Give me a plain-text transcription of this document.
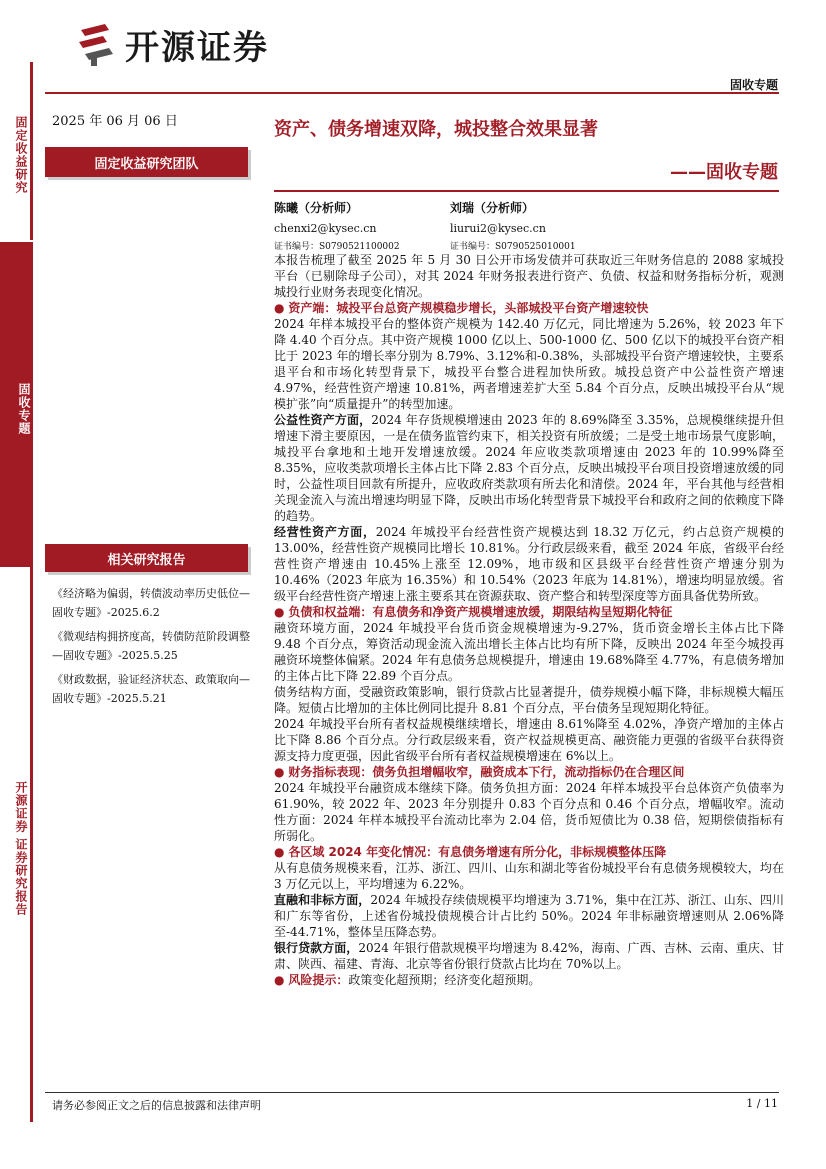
固定收益研究
固收专题
开源证券 证券研究报告
开源证券
固收专题
2025 年 06 月 06 日	资产、债务增速双降，城投整合效果显著
——固收专题
固定收益研究团队
陈曦（分析师）
chenxi2@kysec.cn
证书编号：S0790521100002
刘瑞（分析师）
liurui2@kysec.cn
证书编号：S0790525010001
相关研究报告

《经济略为偏弱，转债波动率历史低位—固收专题》-2025.6.2

《微观结构拥挤度高，转债防范阶段调整—固收专题》-2025.5.25

《财政数据，验证经济状态、政策取向—固收专题》-2025.5.21

本报告梳理了截至 2025 年 5 月 30 日公开市场发债并可获取近三年财务信息的 2088 家城投平台（已剔除母子公司），对其 2024 年财务报表进行资产、负债、权益和财务指标分析，观测城投行业财务表现变化情况。

● 资产端：城投平台总资产规模稳步增长，头部城投平台资产增速较快

2024 年样本城投平台的整体资产规模为 142.40 万亿元，同比增速为 5.26%，较 2023 年下降 4.40 个百分点。其中资产规模 1000 亿以上、500-1000 亿、500 亿以下的城投平台资产相比于 2023 年的增长率分别为 8.79%、3.12%和-0.38%，头部城投平台资产增速较快，主要系退平台和市场化转型背景下，城投平台整合进程加快所致。城投总资产中公益性资产增速 4.97%，经营性资产增速 10.81%，两者增速差扩大至 5.84 个百分点，反映出城投平台从“规模扩张”向“质量提升”的转型加速。

公益性资产方面，2024 年存货规模增速由 2023 年的 8.69%降至 3.35%，总规模继续提升但增速下滑主要原因，一是在债务监管约束下，相关投资有所放缓；二是受土地市场景气度影响，城投平台拿地和土地开发增速放缓。2024 年应收类款项增速由 2023 年的 10.99%降至 8.35%，应收类款项增长主体占比下降 2.83 个百分点，反映出城投平台项目投资增速放缓的同时，公益性项目回款有所提升，应收政府类款项有所去化和清偿。2024 年，平台其他与经营相关现金流入与流出增速均明显下降，反映出市场化转型背景下城投平台和政府之间的依赖度下降的趋势。

经营性资产方面，2024 年城投平台经营性资产规模达到 18.32 万亿元，约占总资产规模的 13.00%，经营性资产规模同比增长 10.81%。分行政层级来看，截至 2024 年底，省级平台经营性资产增速由 10.45%上涨至 12.09%，地市级和区县级平台经营性资产增速分别为 10.46%（2023 年底为 16.35%）和 10.54%（2023 年底为 14.81%），增速均明显放缓。省级平台经营性资产增速上涨主要系其在资源获取、资产整合和转型深度等方面具备优势所致。

● 负债和权益端：有息债务和净资产规模增速放缓，期限结构呈短期化特征

融资环境方面，2024 年城投平台货币资金规模增速为-9.27%，货币资金增长主体占比下降 9.48 个百分点，筹资活动现金流入流出增长主体占比均有所下降，反映出 2024 年至今城投再融资环境整体偏紧。2024 年有息债务总规模提升，增速由 19.68%降至 4.77%，有息债务增加的主体占比下降 22.89 个百分点。

债务结构方面，受融资政策影响，银行贷款占比显著提升，债券规模小幅下降，非标规模大幅压降。短债占比增加的主体比例同比提升 8.81 个百分点，平台债务呈现短期化特征。

2024 年城投平台所有者权益规模继续增长，增速由 8.61%降至 4.02%，净资产增加的主体占比下降 8.86 个百分点。分行政层级来看，资产权益规模更高、融资能力更强的省级平台获得资源支持力度更强，因此省级平台所有者权益规模增速在 6%以上。

● 财务指标表现：债务负担增幅收窄，融资成本下行，流动指标仍在合理区间

2024 年城投平台融资成本继续下降。债务负担方面：2024 年样本城投平台总体资产负债率为 61.90%，较 2022 年、2023 年分别提升 0.83 个百分点和 0.46 个百分点，增幅收窄。流动性方面：2024 年样本城投平台流动比率为 2.04 倍，货币短债比为 0.38 倍，短期偿债指标有所弱化。

● 各区域 2024 年变化情况：有息债务增速有所分化，非标规模整体压降

从有息债务规模来看，江苏、浙江、四川、山东和湖北等省份城投平台有息债务规模较大，均在 3 万亿元以上，平均增速为 6.22%。

直融和非标方面，2024 年城投存续债规模平均增速为 3.71%，集中在江苏、浙江、山东、四川和广东等省份，上述省份城投债规模合计占比约 50%。2024 年非标融资增速则从 2.06%降至-44.71%，整体呈压降态势。

银行贷款方面，2024 年银行借款规模平均增速为 8.42%，海南、广西、吉林、云南、重庆、甘肃、陕西、福建、青海、北京等省份银行贷款占比均在 70%以上。

● 风险提示：政策变化超预期；经济变化超预期。

请务必参阅正文之后的信息披露和法律声明	1 / 11
